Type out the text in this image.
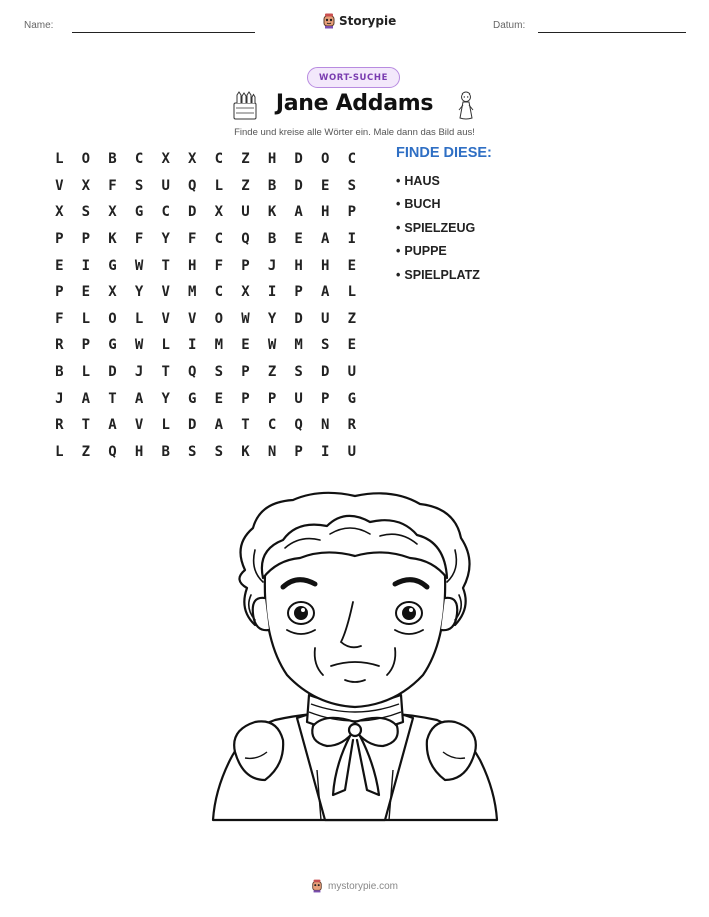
Name:	Storypie	Datum:
WORT-SUCHE
Jane Addams
Finde und kreise alle Wörter ein. Male dann das Bild aus!
L	O	B	C	X	X	C	Z	H	D	O	C
V	X	F	S	U	Q	L	Z	B	D	E	S
X	S	X	G	C	D	X	U	K	A	H	P
P	P	K	F	Y	F	C	Q	B	E	A	I
E	I	G	W	T	H	F	P	J	H	H	E
P	E	X	Y	V	M	C	X	I	P	A	L
F	L	O	L	V	V	O	W	Y	D	U	Z
R	P	G	W	L	I	M	E	W	M	S	E
B	L	D	J	T	Q	S	P	Z	S	D	U
J	A	T	A	Y	G	E	P	P	U	P	G
R	T	A	V	L	D	A	T	C	Q	N	R
L	Z	Q	H	B	S	S	K	N	P	I	U
FINDE DIESE:
• HAUS
• BUCH
• SPIELZEUG
• PUPPE
• SPIELPLATZ
mystorypie.com
